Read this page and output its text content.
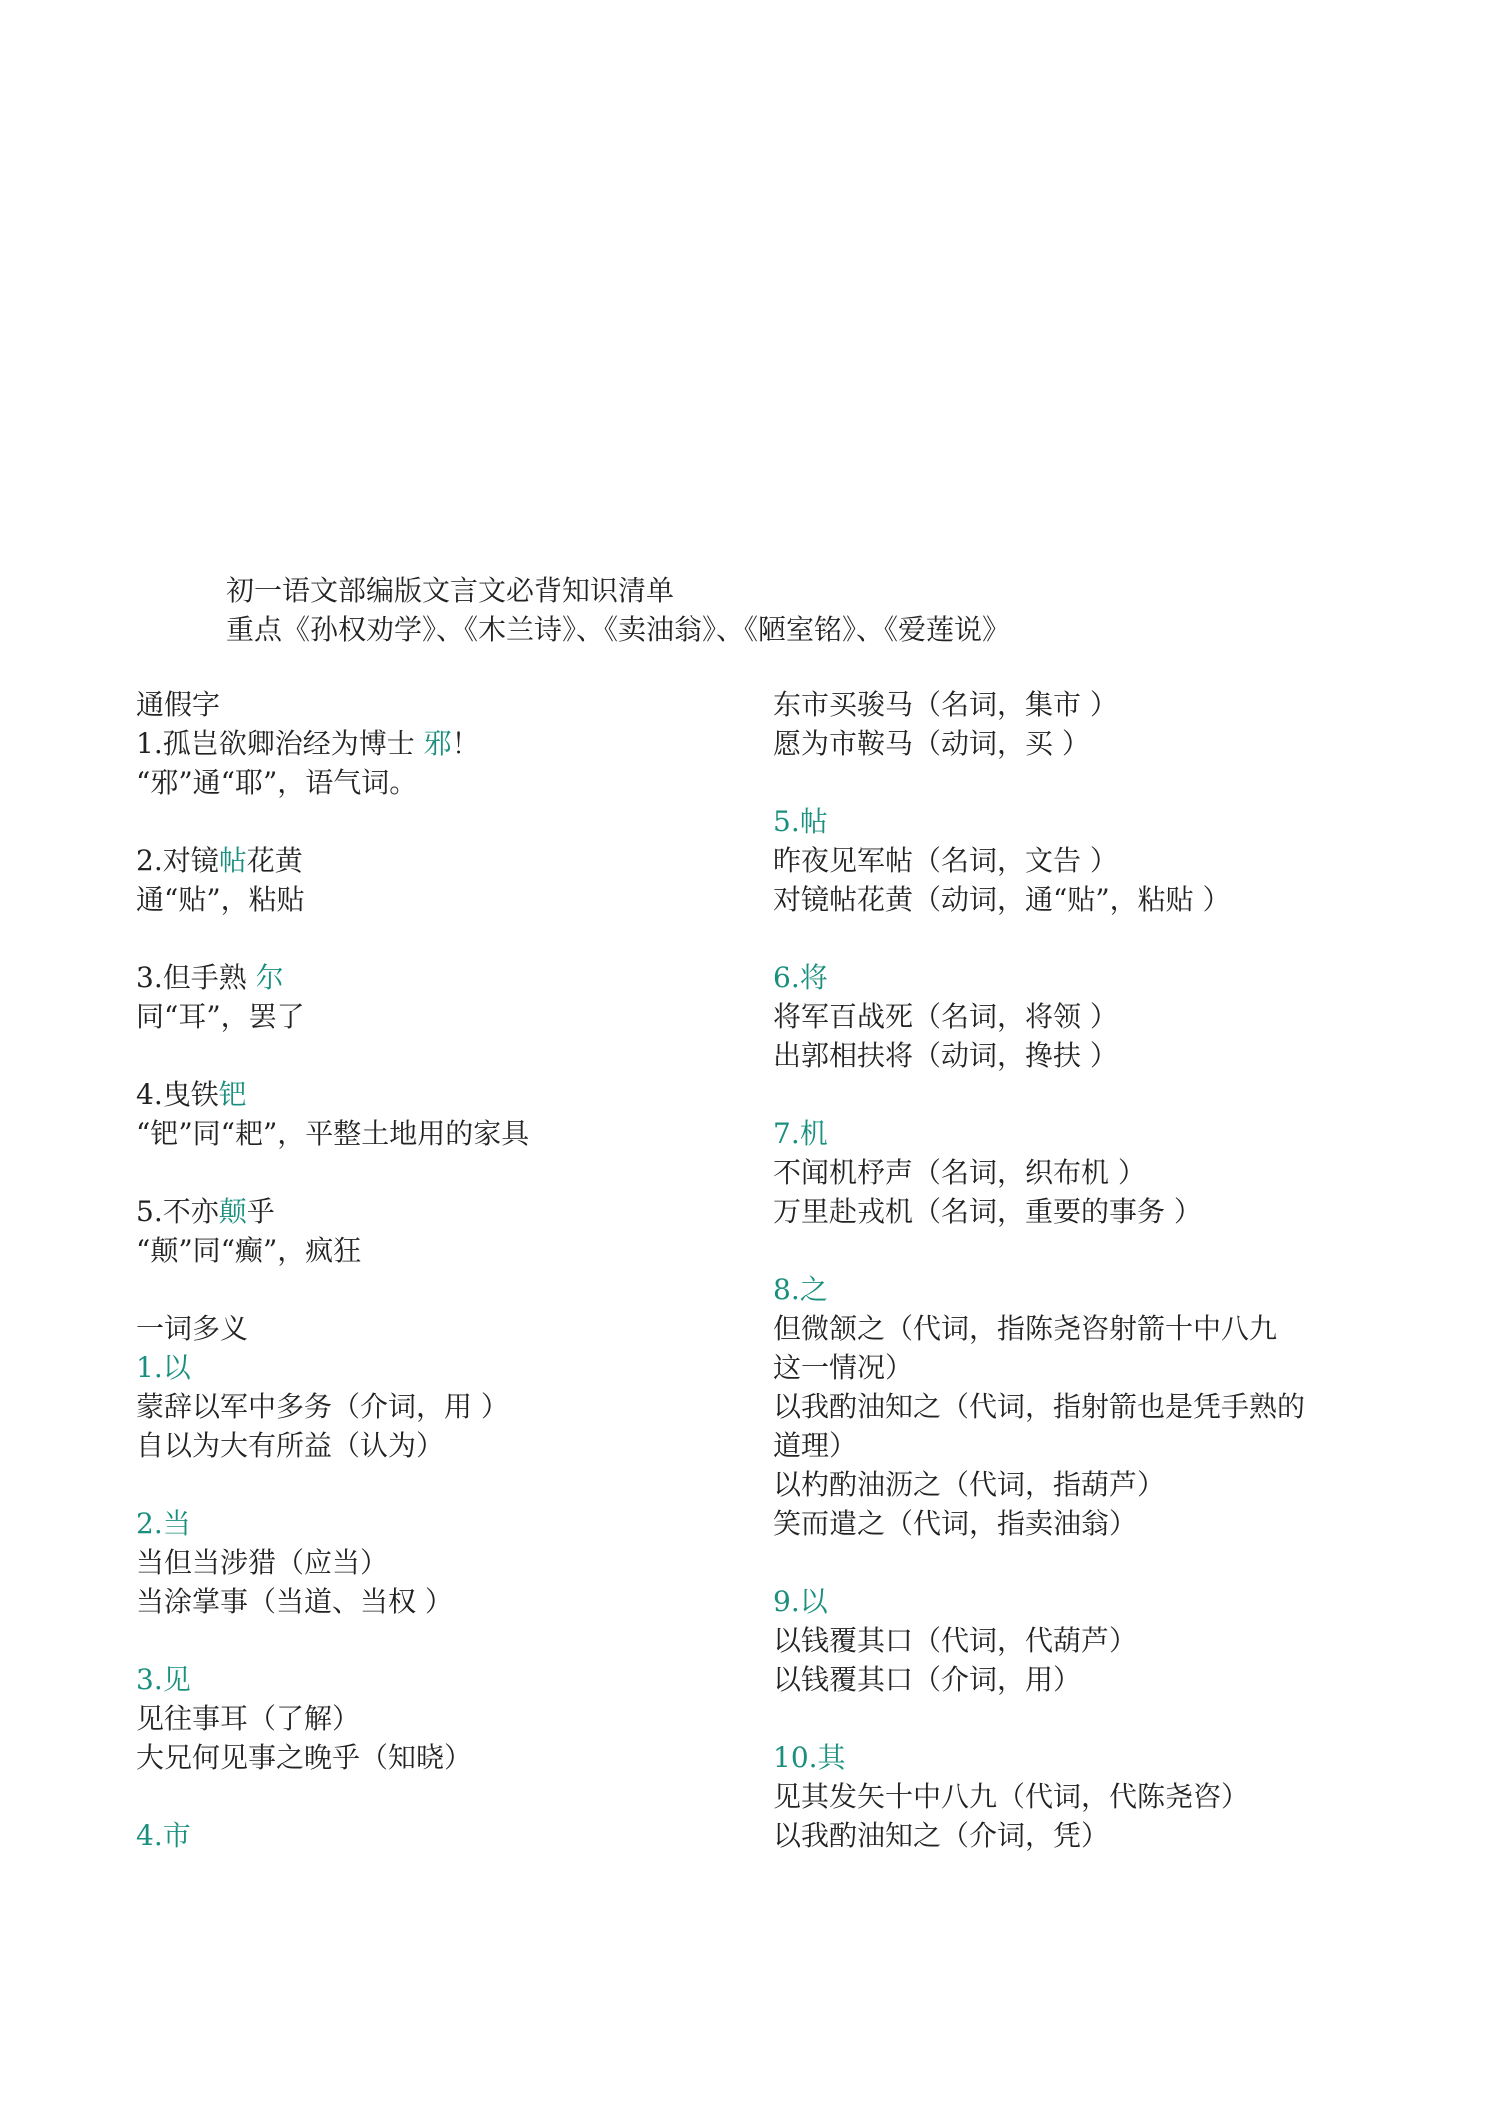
初一语文部编版文言文必背知识清单
重点《孙权劝学》、《木兰诗》、《卖油翁》、《陋室铭》、《爱莲说》
通假字
1.孤岂欲卿治经为博士 邪！
“邪”通“耶”，语气词。
2.对镜帖花黄
通“贴”，粘贴
3.但手熟 尔
同“耳”，罢了
4.曳铁钯
“钯”同“耙”，平整土地用的家具
5.不亦颠乎
“颠”同“癫”，疯狂
一词多义
1.以
蒙辞以军中多务（介词，用 ）
自以为大有所益（认为）
2.当
当但当涉猎（应当）
当涂掌事（当道、当权 ）
3.见
见往事耳（了解）
大兄何见事之晚乎（知晓）
4.市
东市买骏马（名词，集市 ）
愿为市鞍马（动词，买 ）
5.帖
昨夜见军帖（名词，文告 ）
对镜帖花黄（动词，通“贴”，粘贴 ）
6.将
将军百战死（名词，将领 ）
出郭相扶将（动词，搀扶 ）
7.机
不闻机杼声（名词，织布机 ）
万里赴戎机（名词，重要的事务 ）
8.之
但微颔之（代词，指陈尧咨射箭十中八九
这一情况）
以我酌油知之（代词，指射箭也是凭手熟的
道理）
以杓酌油沥之（代词，指葫芦）
笑而遣之（代词，指卖油翁）
9.以
以钱覆其口（代词，代葫芦）
以钱覆其口（介词，用）
10.其
见其发矢十中八九（代词，代陈尧咨）
以我酌油知之（介词，凭）
